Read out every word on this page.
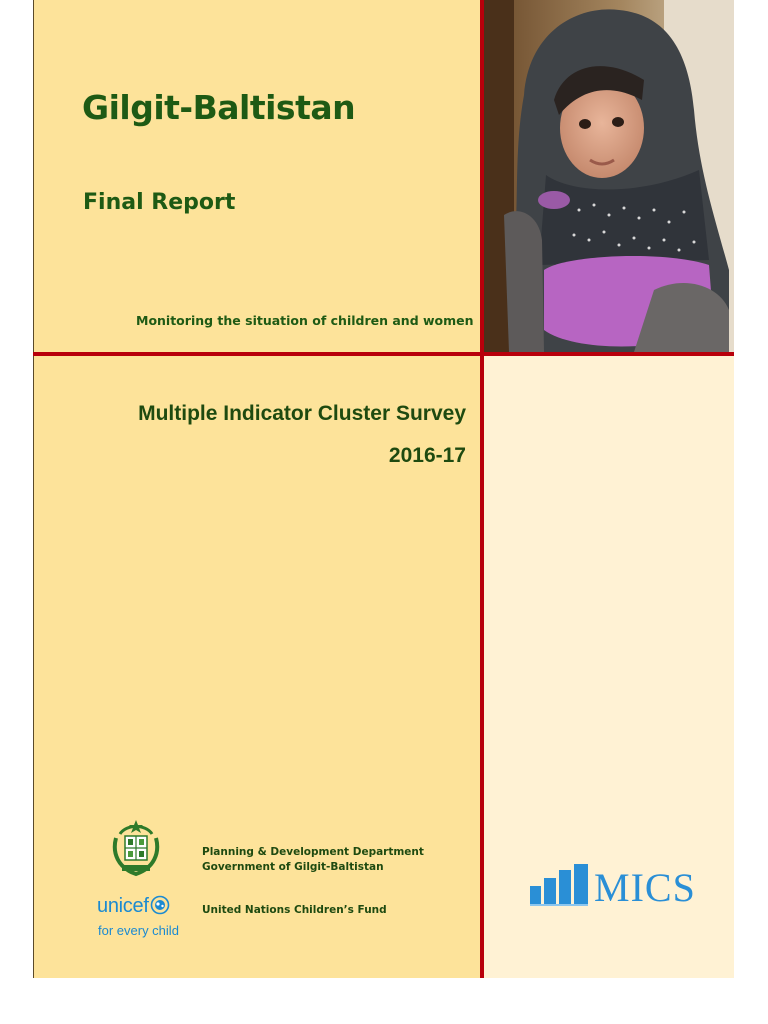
Gilgit-Baltistan
Final Report
Monitoring the situation of children and women
Multiple Indicator Cluster Survey
2016-17
Planning & Development Department
Government of Gilgit-Baltistan
unicef
for every child
United Nations Children’s Fund	MICS
